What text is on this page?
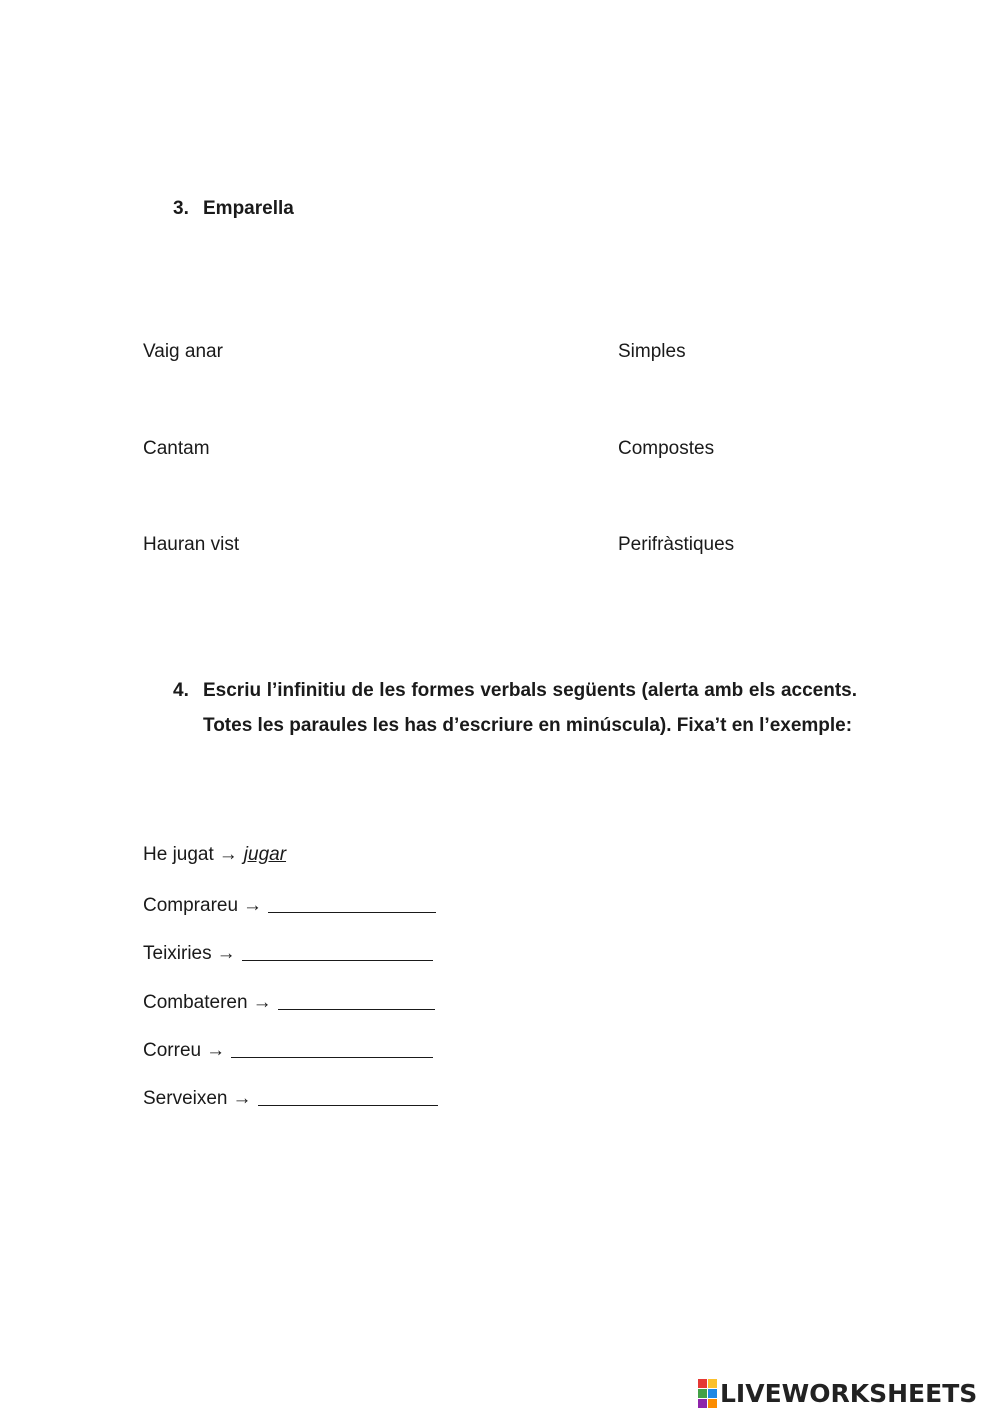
3. Emparella
Vaig anar	Simples
Cantam	Compostes
Hauran vist	Perifràstiques
4. Escriu l’infinitiu de les formes verbals següents (alerta amb els accents. Totes les paraules les has d’escriure en minúscula). Fixa’t en l’exemple:
He jugat → jugar
Comprareu →
Teixiries →
Combateren →
Correu →
Serveixen →
LIVEWORKSHEETS
